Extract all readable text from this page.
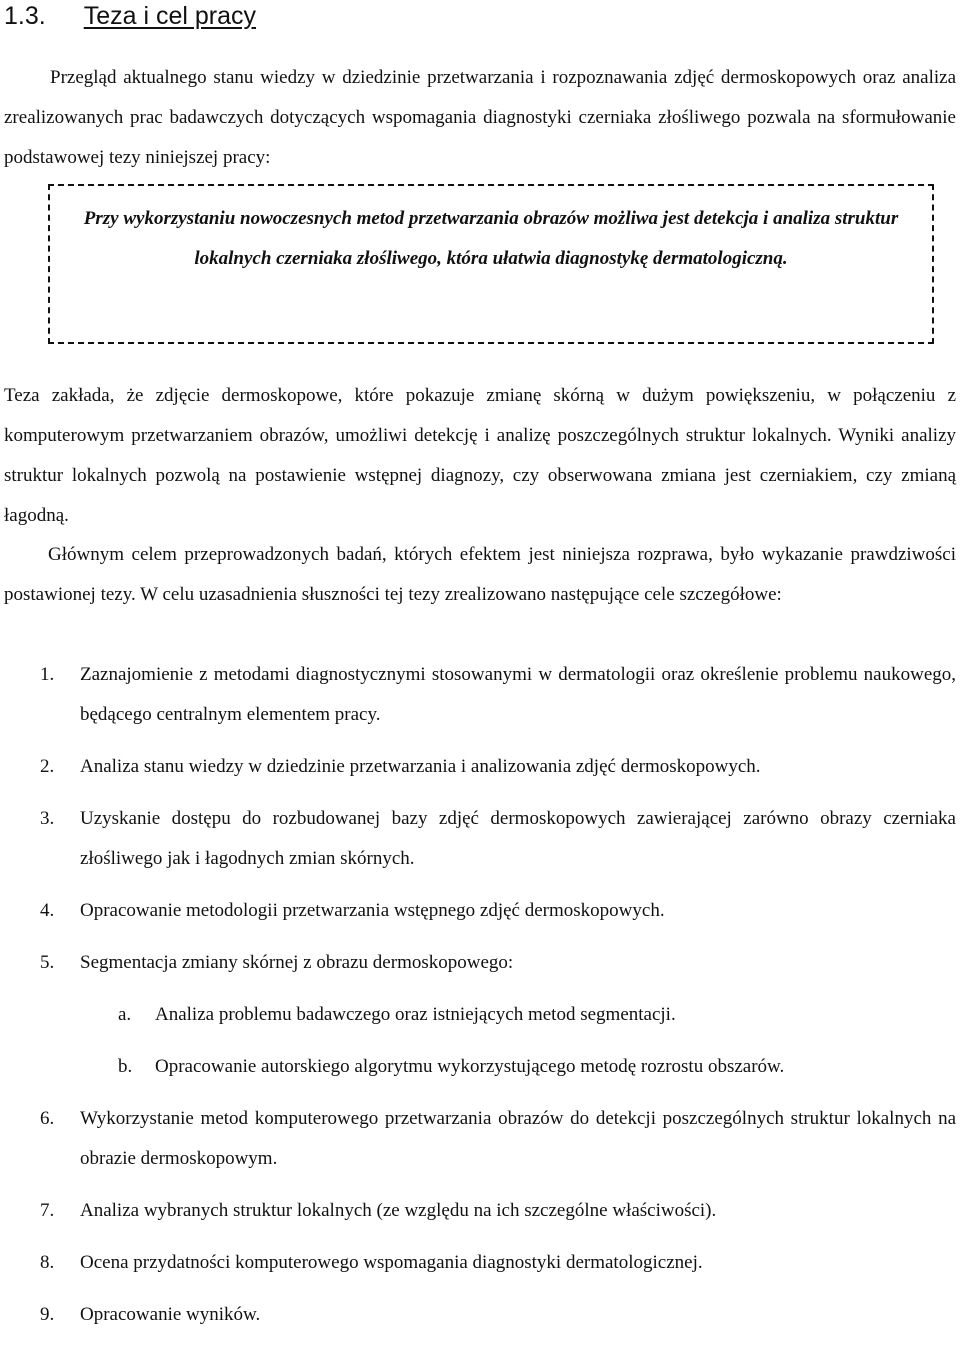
1.3. Teza i cel pracy

Przegląd aktualnego stanu wiedzy w dziedzinie przetwarzania i rozpoznawania zdjęć dermoskopowych oraz analiza zrealizowanych prac badawczych dotyczących wspomagania diagnostyki czerniaka złośliwego pozwala na sformułowanie podstawowej tezy niniejszej pracy:

Przy wykorzystaniu nowoczesnych metod przetwarzania obrazów możliwa jest detekcja i analiza struktur lokalnych czerniaka złośliwego, która ułatwia diagnostykę dermatologiczną.

Teza zakłada, że zdjęcie dermoskopowe, które pokazuje zmianę skórną w dużym powiększeniu, w połączeniu z komputerowym przetwarzaniem obrazów, umożliwi detekcję i analizę poszczególnych struktur lokalnych. Wyniki analizy struktur lokalnych pozwolą na postawienie wstępnej diagnozy, czy obserwowana zmiana jest czerniakiem, czy zmianą łagodną.

Głównym celem przeprowadzonych badań, których efektem jest niniejsza rozprawa, było wykazanie prawdziwości postawionej tezy. W celu uzasadnienia słuszności tej tezy zrealizowano następujące cele szczegółowe:

1. Zaznajomienie z metodami diagnostycznymi stosowanymi w dermatologii oraz określenie problemu naukowego, będącego centralnym elementem pracy.
2. Analiza stanu wiedzy w dziedzinie przetwarzania i analizowania zdjęć dermoskopowych.
3. Uzyskanie dostępu do rozbudowanej bazy zdjęć dermoskopowych zawierającej zarówno obrazy czerniaka złośliwego jak i łagodnych zmian skórnych.
4. Opracowanie metodologii przetwarzania wstępnego zdjęć dermoskopowych.
5. Segmentacja zmiany skórnej z obrazu dermoskopowego:
a. Analiza problemu badawczego oraz istniejących metod segmentacji.
b. Opracowanie autorskiego algorytmu wykorzystującego metodę rozrostu obszarów.
6. Wykorzystanie metod komputerowego przetwarzania obrazów do detekcji poszczególnych struktur lokalnych na obrazie dermoskopowym.
7. Analiza wybranych struktur lokalnych (ze względu na ich szczególne właściwości).
8. Ocena przydatności komputerowego wspomagania diagnostyki dermatologicznej.
9. Opracowanie wyników.
